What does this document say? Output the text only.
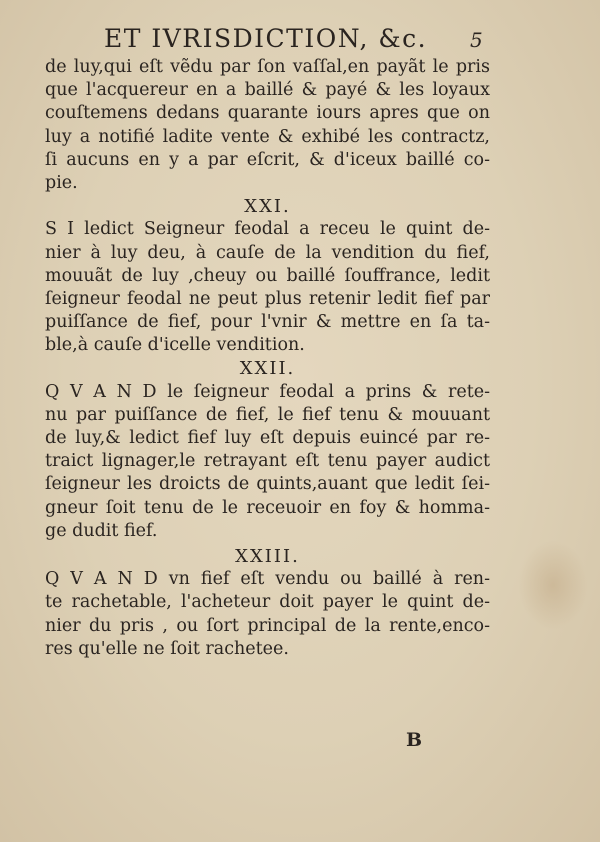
ET IVRISDICTION, &c. 5
de luy,qui eſt vẽdu par ſon vaſſal,en payãt le pris
que l'acquereur en a baillé & payé & les loyaux
couſtemens dedans quarante iours apres que on
luy a notifié ladite vente & exhibé les contractz,
ſi aucuns en y a par eſcrit, & d'iceux baillé co-
pie.
XXI.
S I ledict Seigneur feodal a receu le quint de-
nier à luy deu, à cauſe de la vendition du fief,
mouuãt de luy ,cheuy ou baillé ſouffrance, ledit
ſeigneur feodal ne peut plus retenir ledit fief par
puiſſance de fief, pour l'vnir & mettre en ſa ta-
ble,à cauſe d'icelle vendition.
XXII.
Q V A N D le ſeigneur feodal a prins & rete-
nu par puiſſance de fief, le fief tenu & mouuant
de luy,& ledict fief luy eſt depuis euincé par re-
traict lignager,le retrayant eſt tenu payer audict
ſeigneur les droicts de quints,auant que ledit ſei-
gneur ſoit tenu de le receuoir en foy & homma-
ge dudit fief.
XXIII.
Q V A N D vn fief eſt vendu ou baillé à ren-
te rachetable, l'acheteur doit payer le quint de-
nier du pris , ou ſort principal de la rente,enco-
res qu'elle ne ſoit rachetee.
B
